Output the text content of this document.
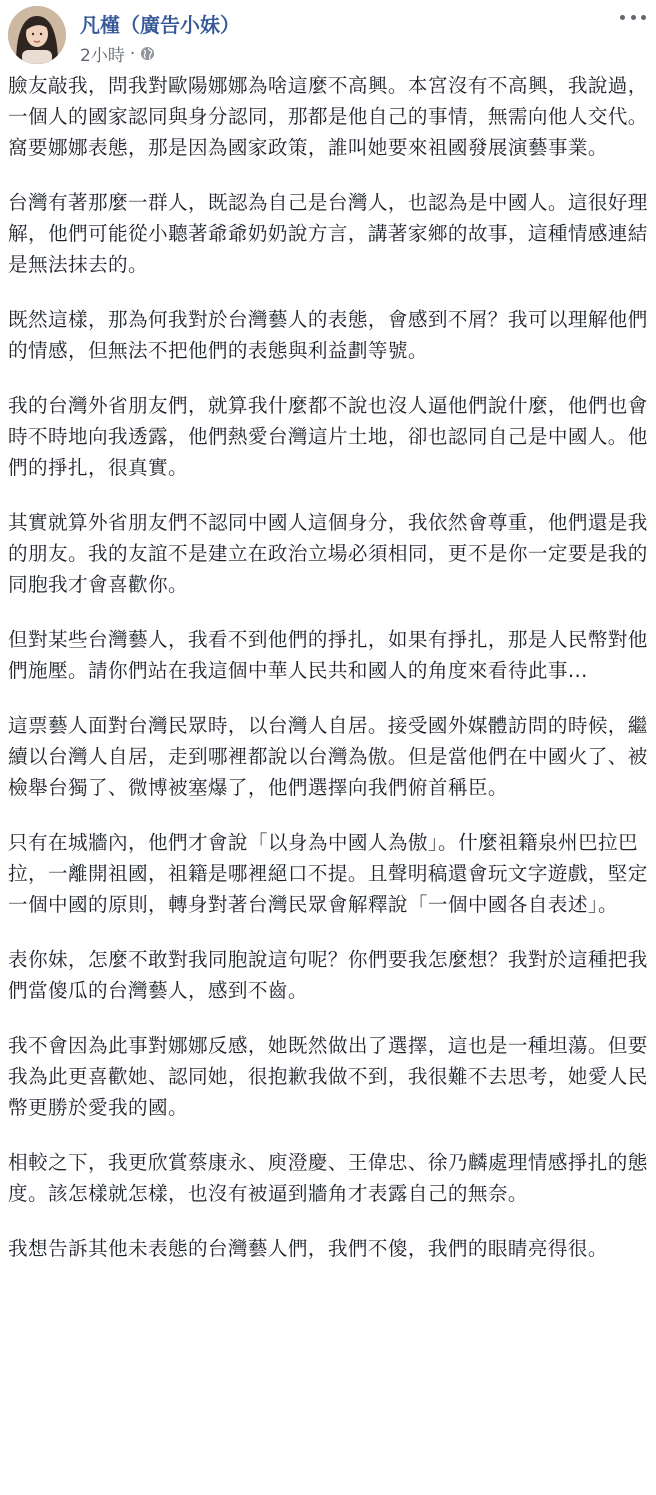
凡槿（廣告小妹）
2小時 ·

臉友敲我，問我對歐陽娜娜為啥這麼不高興。本宮沒有不高興，我說過，一個人的國家認同與身分認同，那都是他自己的事情，無需向他人交代。窩要娜娜表態，那是因為國家政策，誰叫她要來祖國發展演藝事業。

台灣有著那麼一群人，既認為自己是台灣人，也認為是中國人。這很好理解，他們可能從小聽著爺爺奶奶說方言，講著家鄉的故事，這種情感連結是無法抹去的。

既然這樣，那為何我對於台灣藝人的表態，會感到不屑？我可以理解他們的情感，但無法不把他們的表態與利益劃等號。

我的台灣外省朋友們，就算我什麼都不說也沒人逼他們說什麼，他們也會時不時地向我透露，他們熱愛台灣這片土地，卻也認同自己是中國人。他們的掙扎，很真實。

其實就算外省朋友們不認同中國人這個身分，我依然會尊重，他們還是我的朋友。我的友誼不是建立在政治立場必須相同，更不是你一定要是我的同胞我才會喜歡你。

但對某些台灣藝人，我看不到他們的掙扎，如果有掙扎，那是人民幣對他們施壓。請你們站在我這個中華人民共和國人的角度來看待此事...

這票藝人面對台灣民眾時，以台灣人自居。接受國外媒體訪問的時候，繼續以台灣人自居，走到哪裡都說以台灣為傲。但是當他們在中國火了、被檢舉台獨了、微博被塞爆了，他們選擇向我們俯首稱臣。

只有在城牆內，他們才會說「以身為中國人為傲」。什麼祖籍泉州巴拉巴拉，一離開祖國，祖籍是哪裡絕口不提。且聲明稿還會玩文字遊戲，堅定一個中國的原則，轉身對著台灣民眾會解釋說「一個中國各自表述」。

表你妹，怎麼不敢對我同胞說這句呢？你們要我怎麼想？我對於這種把我們當傻瓜的台灣藝人，感到不齒。

我不會因為此事對娜娜反感，她既然做出了選擇，這也是一種坦蕩。但要我為此更喜歡她、認同她，很抱歉我做不到，我很難不去思考，她愛人民幣更勝於愛我的國。

相較之下，我更欣賞蔡康永、庾澄慶、王偉忠、徐乃麟處理情感掙扎的態度。該怎樣就怎樣，也沒有被逼到牆角才表露自己的無奈。

我想告訴其他未表態的台灣藝人們，我們不傻，我們的眼睛亮得很。
